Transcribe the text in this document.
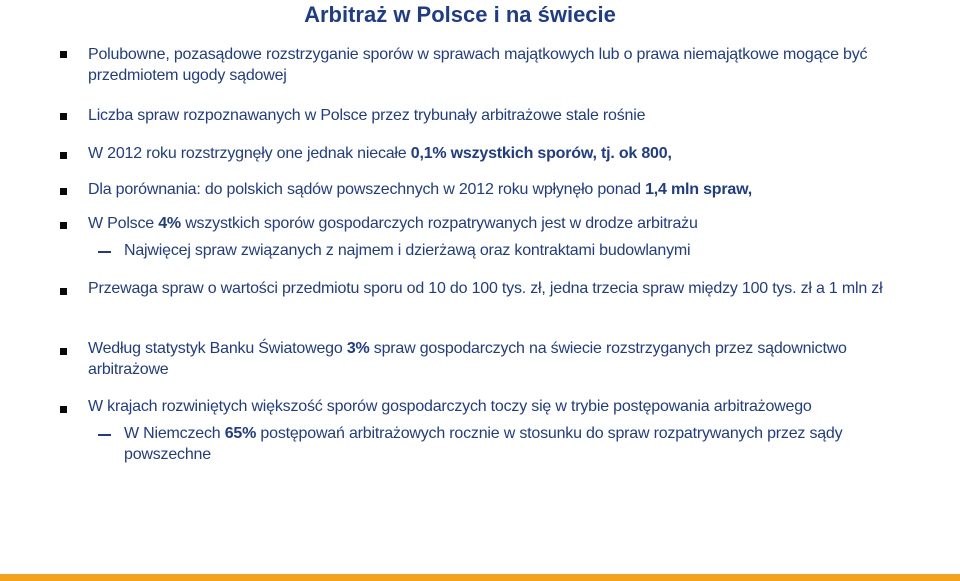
Arbitraż w Polsce i na świecie
Polubowne, pozasądowe rozstrzyganie sporów w sprawach majątkowych lub o prawa niemajątkowe mogące być przedmiotem ugody sądowej
Liczba spraw rozpoznawanych w Polsce przez trybunały arbitrażowe stale rośnie
W 2012 roku rozstrzygnęły one jednak niecałe 0,1% wszystkich sporów, tj. ok 800,
Dla porównania: do polskich sądów powszechnych w 2012 roku wpłynęło ponad 1,4 mln spraw,
W Polsce 4% wszystkich sporów gospodarczych rozpatrywanych jest w drodze arbitrażu
Najwięcej spraw związanych z najmem i dzierżawą oraz kontraktami budowlanymi
Przewaga spraw o wartości przedmiotu sporu od 10 do 100 tys. zł, jedna trzecia spraw między 100 tys. zł a 1 mln zł
Według statystyk Banku Światowego 3% spraw gospodarczych na świecie rozstrzyganych przez sądownictwo arbitrażowe
W krajach rozwiniętych większość sporów gospodarczych toczy się w trybie postępowania arbitrażowego
W Niemczech 65% postępowań arbitrażowych rocznie w stosunku do spraw rozpatrywanych przez sądy powszechne
